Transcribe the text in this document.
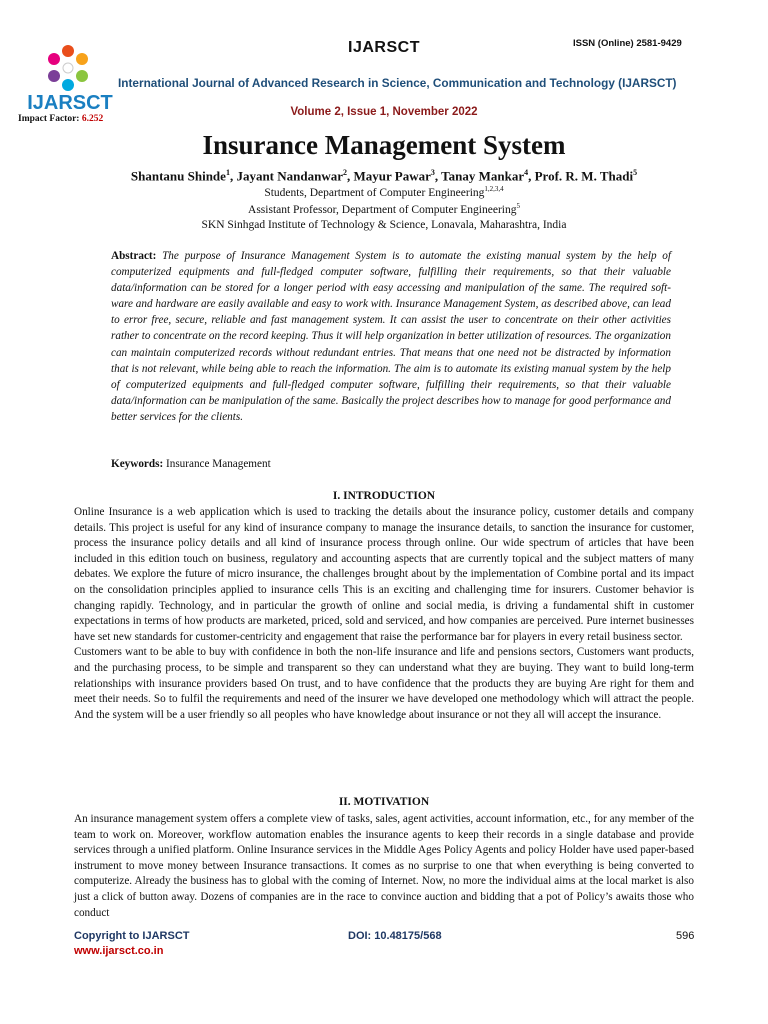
IJARSCT
IJARSCT	ISSN (Online) 2581-9429
International Journal of Advanced Research in Science, Communication and Technology (IJARSCT)
Volume 2, Issue 1, November 2022
Impact Factor: 6.252
Insurance Management System
Shantanu Shinde$^1$, Jayant Nandanwar$^2$, Mayur Pawar$^3$, Tanay Mankar$^4$, Prof. R. M. Thadi$^5$
Students, Department of Computer Engineering$^{1,2,3,4}$
Assistant Professor, Department of Computer Engineering$^5$
SKN Sinhgad Institute of Technology & Science, Lonavala, Maharashtra, India
Abstract: The purpose of Insurance Management System is to automate the existing manual system by the help of computerized equipments and full-fledged computer software, fulfilling their requirements, so that their valuable data/information can be stored for a longer period with easy accessing and manipulation of the same. The required soft-ware and hardware are easily available and easy to work with. Insurance Management System, as described above, can lead to error free, secure, reliable and fast management system. It can assist the user to concentrate on their other activities rather to concentrate on the record keeping. Thus it will help organization in better utilization of resources. The organization can maintain computerized records without redundant entries. That means that one need not be distracted by information that is not relevant, while being able to reach the information. The aim is to automate its existing manual system by the help of computerized equipments and full-fledged computer software, fulfilling their requirements, so that their valuable data/information can be manipulation of the same. Basically the project describes how to manage for good performance and better services for the clients.
Keywords: Insurance Management
I. INTRODUCTION

Online Insurance is a web application which is used to tracking the details about the insurance policy, customer details and company details. This project is useful for any kind of insurance company to manage the insurance details, to sanction the insurance for customer, process the insurance policy details and all kind of insurance process through online. Our wide spectrum of articles that have been included in this edition touch on business, regulatory and accounting aspects that are currently topical and the subject matters of many debates. We explore the future of micro insurance, the challenges brought about by the implementation of Combine portal and its impact on the consolidation principles applied to insurance cells This is an exciting and challenging time for insurers. Customer behavior is changing rapidly. Technology, and in particular the growth of online and social media, is driving a fundamental shift in customer expectations in terms of how products are marketed, priced, sold and serviced, and how companies are perceived. Pure internet businesses have set new standards for customer-centricity and engagement that raise the performance bar for players in every retail business sector.

Customers want to be able to buy with confidence in both the non-life insurance and life and pensions sectors, Customers want products, and the purchasing process, to be simple and transparent so they can understand what they are buying. They want to build long-term relationships with insurance providers based On trust, and to have confidence that the products they are buying Are right for them and meet their needs. So to fulfil the requirements and need of the insurer we have developed one methodology which will attract the people. And the system will be a user friendly so all peoples who have knowledge about insurance or not they all will accept the insurance.

II. MOTIVATION

An insurance management system offers a complete view of tasks, sales, agent activities, account information, etc., for any member of the team to work on. Moreover, workflow automation enables the insurance agents to keep their records in a single database and provide services through a unified platform. Online Insurance services in the Middle Ages Policy Agents and policy Holder have used paper-based instrument to move money between Insurance transactions. It comes as no surprise to one that when everything is being converted to computerize. Already the business has to global with the coming of Internet. Now, no more the individual aims at the local market is also just a click of button away. Dozens of companies are in the race to convince auction and bidding that a pot of Policy’s awaits those who conduct

Copyright to IJARSCT
www.ijarsct.co.in
DOI: 10.48175/568	596
